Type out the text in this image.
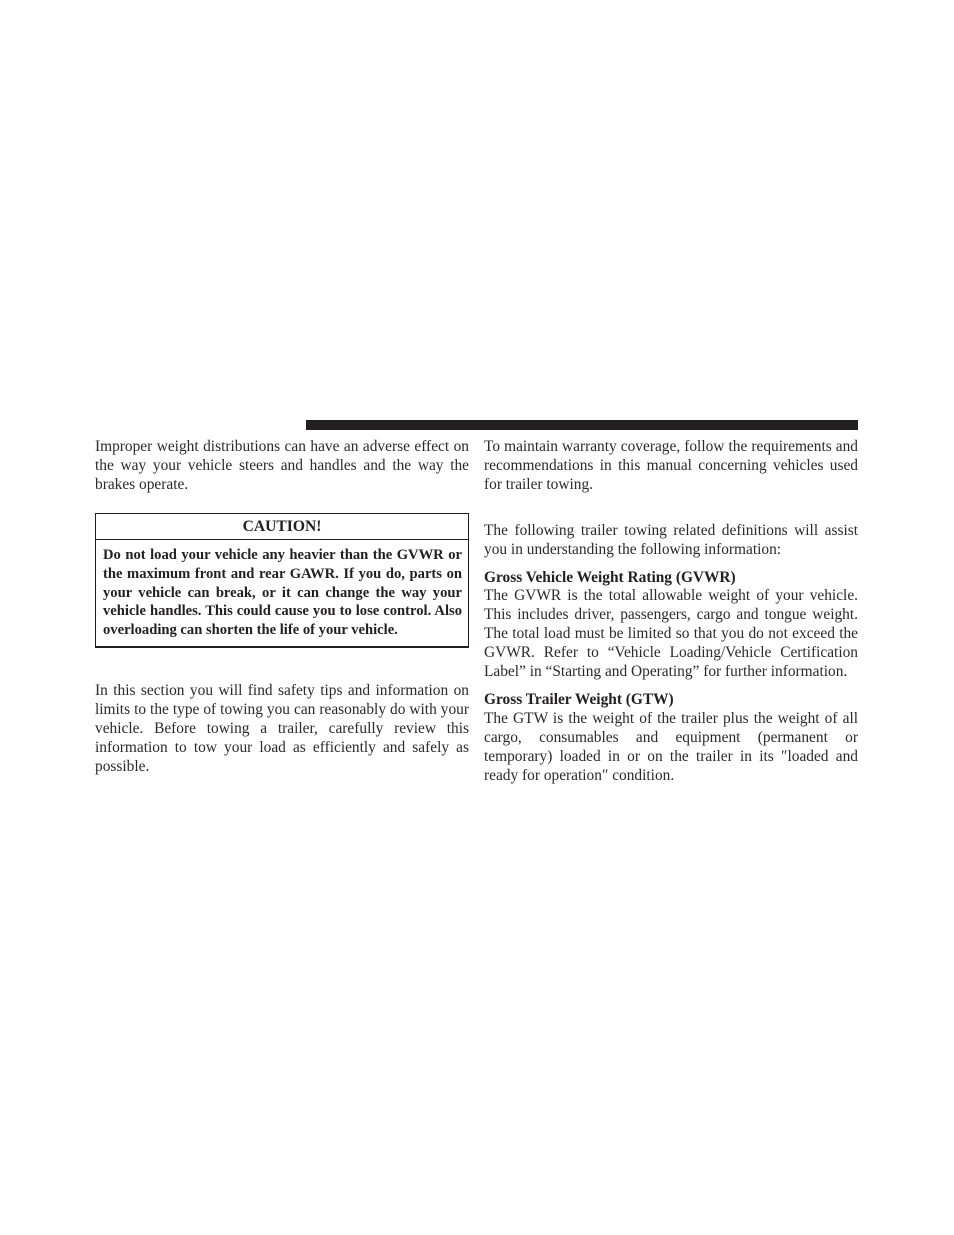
Improper weight distributions can have an adverse effect on the way your vehicle steers and handles and the way the brakes operate.

CAUTION!
Do not load your vehicle any heavier than the GVWR or the maximum front and rear GAWR. If you do, parts on your vehicle can break, or it can change the way your vehicle handles. This could cause you to lose control. Also overloading can shorten the life of your vehicle.

In this section you will find safety tips and information on limits to the type of towing you can reasonably do with your vehicle. Before towing a trailer, carefully review this information to tow your load as efficiently and safely as possible.

To maintain warranty coverage, follow the requirements and recommendations in this manual concerning vehicles used for trailer towing.

The following trailer towing related definitions will assist you in understanding the following information:

Gross Vehicle Weight Rating (GVWR)

The GVWR is the total allowable weight of your vehicle. This includes driver, passengers, cargo and tongue weight. The total load must be limited so that you do not exceed the GVWR. Refer to “Vehicle Loading/Vehicle Certification Label” in “Starting and Operating” for further information.

Gross Trailer Weight (GTW)

The GTW is the weight of the trailer plus the weight of all cargo, consumables and equipment (permanent or temporary) loaded in or on the trailer in its ″loaded and ready for operation″ condition.
